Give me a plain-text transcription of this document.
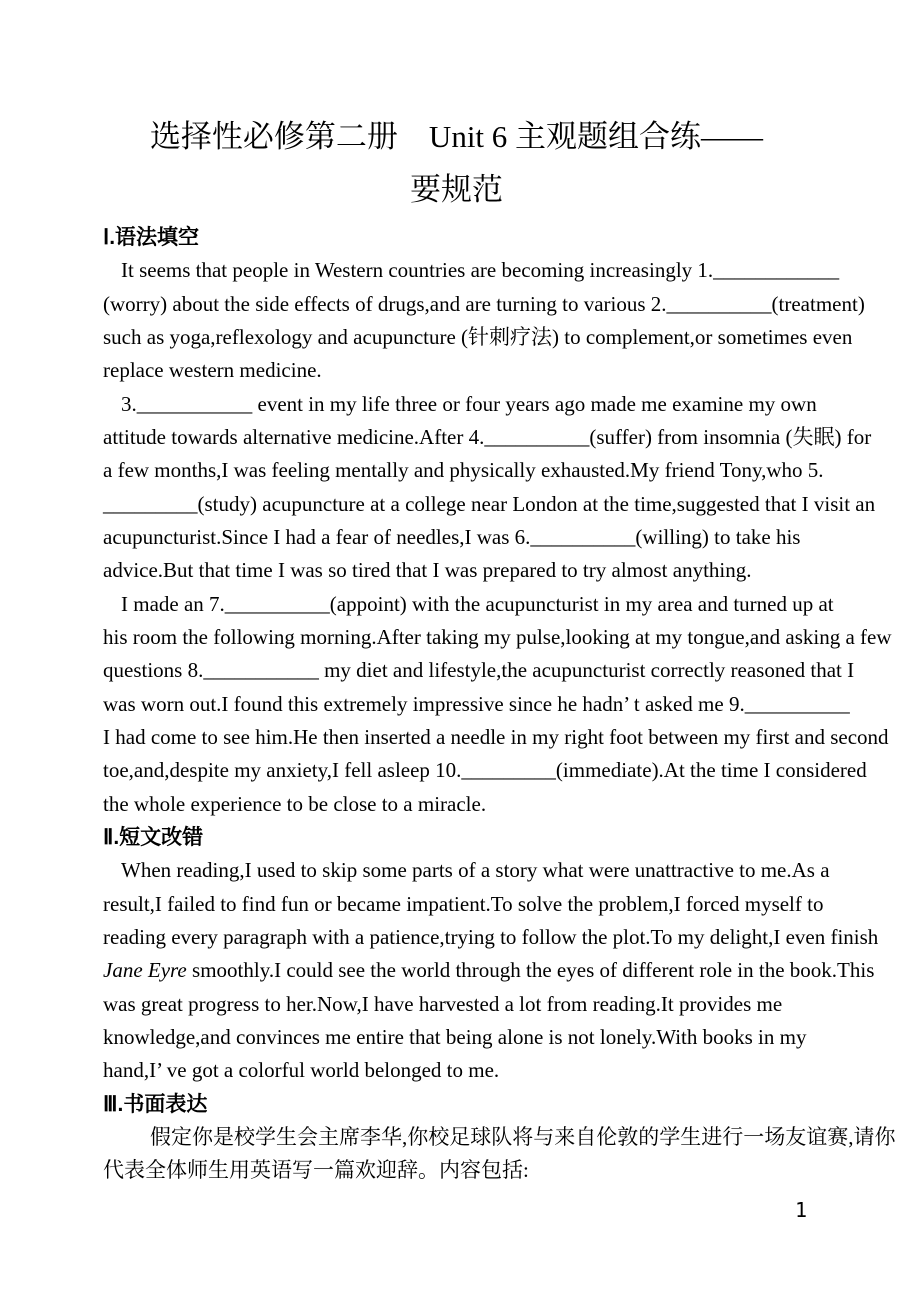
选择性必修第二册　Unit 6 主观题组合练——
要规范
Ⅰ.语法填空
It seems that people in Western countries are becoming increasingly 1.____________
(worry) about the side effects of drugs,and are turning to various 2.__________(treatment)
such as yoga,reflexology and acupuncture (针刺疗法) to complement,or sometimes even
replace western medicine.
3.___________ event in my life three or four years ago made me examine my own
attitude towards alternative medicine.After 4.__________(suffer) from insomnia (失眠) for
a few months,I was feeling mentally and physically exhausted.My friend Tony,who 5.
_________(study) acupuncture at a college near London at the time,suggested that I visit an
acupuncturist.Since I had a fear of needles,I was 6.__________(willing) to take his
advice.But that time I was so tired that I was prepared to try almost anything.
I made an 7.__________(appoint) with the acupuncturist in my area and turned up at
his room the following morning.After taking my pulse,looking at my tongue,and asking a few
questions 8.___________ my diet and lifestyle,the acupuncturist correctly reasoned that I
was worn out.I found this extremely impressive since he hadn’ t asked me 9.__________
I had come to see him.He then inserted a needle in my right foot between my first and second
toe,and,despite my anxiety,I fell asleep 10._________(immediate).At the time I considered
the whole experience to be close to a miracle.
Ⅱ.短文改错
When reading,I used to skip some parts of a story what were unattractive to me.As a
result,I failed to find fun or became impatient.To solve the problem,I forced myself to
reading every paragraph with a patience,trying to follow the plot.To my delight,I even finish
Jane Eyre smoothly.I could see the world through the eyes of different role in the book.This
was great progress to her.Now,I have harvested a lot from reading.It provides me
knowledge,and convinces me entire that being alone is not lonely.With books in my
hand,I’ ve got a colorful world belonged to me.
Ⅲ.书面表达
假定你是校学生会主席李华,你校足球队将与来自伦敦的学生进行一场友谊赛,请你
代表全体师生用英语写一篇欢迎辞。内容包括:
1
